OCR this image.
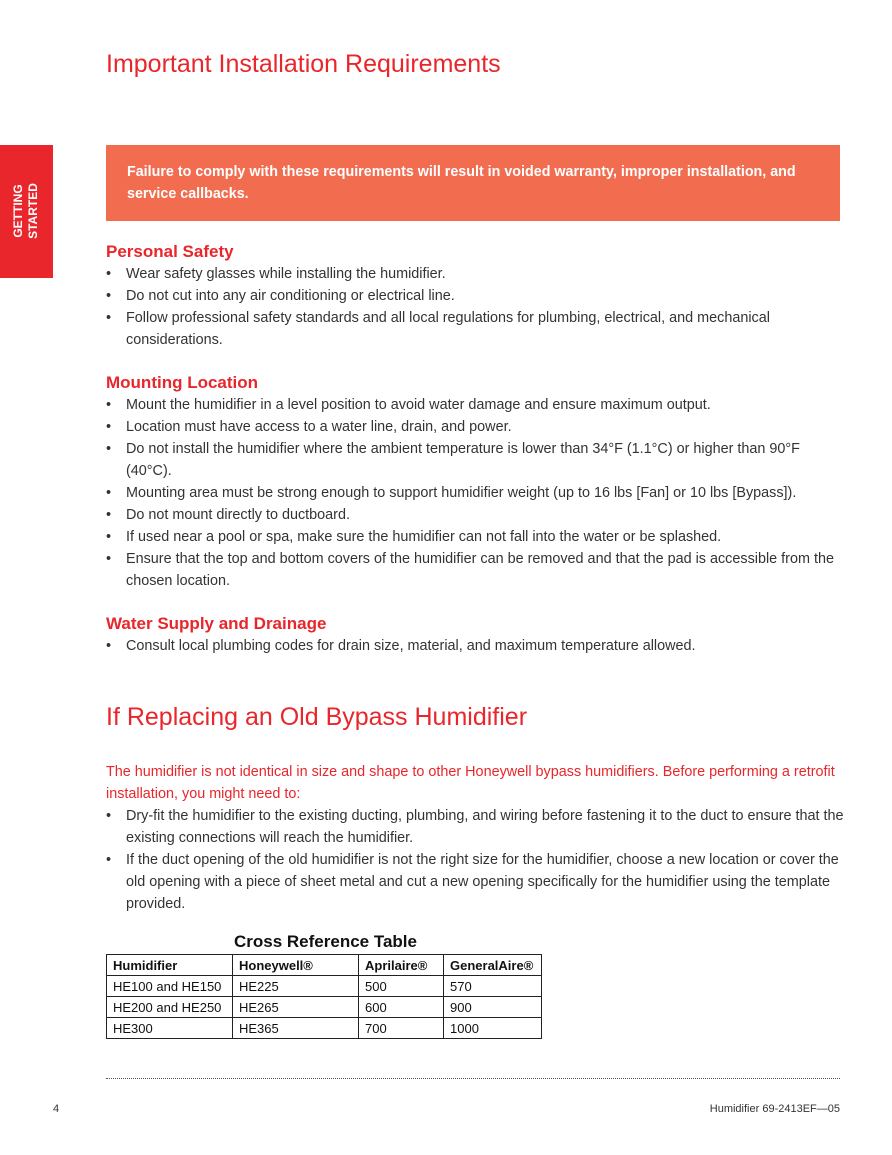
GETTING STARTED
Important Installation Requirements
Failure to comply with these requirements will result in voided warranty, improper installation, and service callbacks.
Personal Safety
• Wear safety glasses while installing the humidifier.
• Do not cut into any air conditioning or electrical line.
• Follow professional safety standards and all local regulations for plumbing, electrical, and mechanical considerations.
Mounting Location
• Mount the humidifier in a level position to avoid water damage and ensure maximum output.
• Location must have access to a water line, drain, and power.
• Do not install the humidifier where the ambient temperature is lower than 34°F (1.1°C) or higher than 90°F (40°C).
• Mounting area must be strong enough to support humidifier weight (up to 16 lbs [Fan] or 10 lbs [Bypass]).
• Do not mount directly to ductboard.
• If used near a pool or spa, make sure the humidifier can not fall into the water or be splashed.
• Ensure that the top and bottom covers of the humidifier can be removed and that the pad is accessible from the chosen location.
Water Supply and Drainage
• Consult local plumbing codes for drain size, material, and maximum temperature allowed.
If Replacing an Old Bypass Humidifier

The humidifier is not identical in size and shape to other Honeywell bypass humidifiers. Before performing a retrofit installation, you might need to:

• Dry-fit the humidifier to the existing ducting, plumbing, and wiring before fastening it to the duct to ensure that the existing connections will reach the humidifier.
• If the duct opening of the old humidifier is not the right size for the humidifier, choose a new location or cover the old opening with a piece of sheet metal and cut a new opening specifically for the humidifier using the template provided.
Cross Reference Table
Humidifier	Honeywell®	Aprilaire®	GeneralAire®
HE100 and HE150	HE225	500	570
HE200 and HE250	HE265	600	900
HE300	HE365	700	1000
4	Humidifier 69-2413EF—05
